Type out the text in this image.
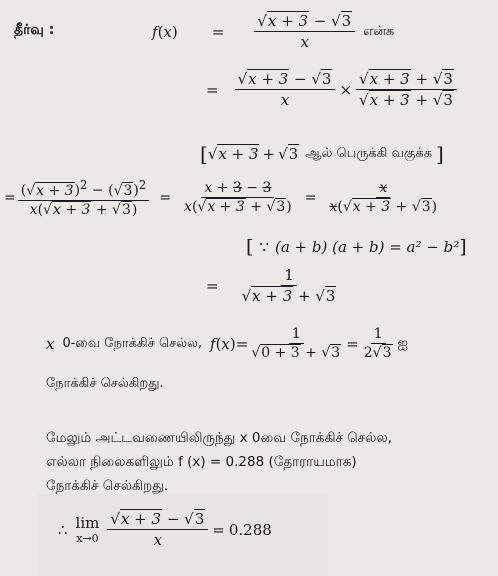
தீர்வு :	f ( x ) = $\frac{√x + 3 - √3}{x}$ என்க
= $\frac{√x + 3 - √3}{x} \times \frac{√x + 3 + √3}{√x + 3 + √3}$
[ √x + 3 + √3 ஆல் பெருக்கி வகுக்க ]
= $\frac{(√x + 3)^2 - (√3)^2}{x(√x + 3 + √3)} = \frac{x + 3 - 3}{x(√x + 3 + √3)} = \frac{x}{x(√x + 3 + √3)}$
[ ∵ (a + b) (a + b) = a² − b² ]
= $\frac{1}{√x + 3 + √3}$
x 0-வை நோக்கிச் செல்ல, f ( x )= $\frac{1}{√0 + 3 + √3} = \frac{1}{2√3}$ ஐ
நோக்கிச் செல்கிறது.
மேலும் அட்டவணையிலிருந்து x 0வை நோக்கிச் செல்ல,
எல்லா நிலைகளிலும் f (x) = 0.288 (தோராயமாக)
நோக்கிச் செல்கிறது.
∴ lim
$x\to 0 \frac{√x + 3 - √3}{x} = 0.288$
